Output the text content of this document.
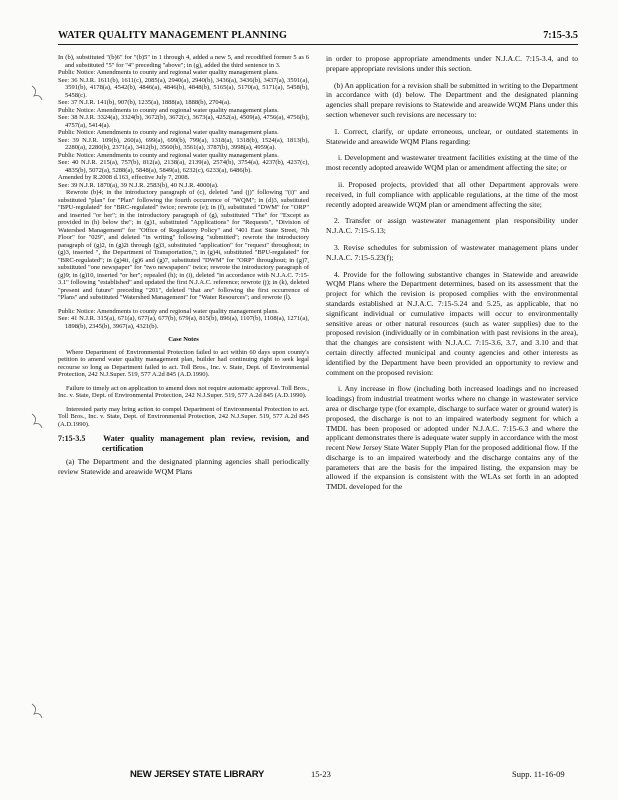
WATER QUALITY MANAGEMENT PLANNING	7:15-3.5

In (b), substituted "(b)6" for "(b)5" in 1 through 4, added a new 5, and recodified former 5 as 6 and substituted "5" for "4" preceding "above"; in (g), added the third sentence in 3.

Public Notice: Amendments to county and regional water quality management plans.

See: 36 N.J.R. 1611(b), 1611(c), 2085(a), 2940(a), 2940(b), 3436(a), 3436(b), 3437(a), 3591(a), 3591(b), 4178(a), 4542(b), 4846(a), 4846(b), 4848(b), 5165(a), 5170(a), 5171(a), 5458(b), 5458(c).

See: 37 N.J.R. 141(b), 907(b), 1235(a), 1888(a), 1888(b), 2704(a).

Public Notice: Amendments to county and regional water quality management plans.

See: 38 N.J.R. 3324(a), 3324(b), 3672(b), 3672(c), 3673(a), 4252(a), 4509(a), 4756(a), 4756(b), 4757(a), 5414(a).

Public Notice: Amendments to county and regional water quality management plans.

See: 39 N.J.R. 109(b), 260(a), 699(a), 699(b), 799(a), 1318(a), 1318(b), 1524(a), 1813(b), 2280(a), 2280(b), 2371(a), 3412(b), 3560(b), 3561(a), 3787(b), 3998(a), 4959(a).

Public Notice: Amendments to county and regional water quality management plans.

See: 40 N.J.R. 215(a), 757(b), 812(a), 2138(a), 2139(a), 2574(b), 3754(a), 4237(b), 4237(c), 4835(b), 5072(a), 5288(a), 5848(a), 5849(a), 6232(c), 6233(a), 6486(b).

Amended by R.2008 d.163, effective July 7, 2008.

See: 39 N.J.R. 1870(a), 39 N.J.R. 2583(b), 40 N.J.R. 4000(a).

Rewrote (b)4; in the introductory paragraph of (c), deleted "and (j)" following "(i)" and substituted "plan" for "Plan" following the fourth occurrence of "WQM"; in (d)3, substituted "BPU-regulated" for "BRC-regulated" twice; rewrote (e); in (f), substituted "DWM" for "ORP" and inserted "or her"; in the introductory paragraph of (g), substituted "The" for "Except as provided in (h) below the"; in (g)1, substituted "Applications" for "Requests", "Division of Watershed Management" for "Office of Regulatory Policy" and "401 East State Street, 7th Floor" for "029", and deleted "in writing" following "submitted"; rewrote the introductory paragraph of (g)2, in (g)2i through (g)3, substituted "application" for "request" throughout; in (g)3, inserted ", the Department of Transportation,"; in (g)4i, substituted "BPU-regulated" for "BRC-regulated"; in (g)4ii, (g)6 and (g)7, substituted "DWM" for "ORP" throughout; in (g)7, substituted "one newspaper" for "two newspapers" twice; rewrote the introductory paragraph of (g)9; in (g)10, inserted "or her"; repealed (h); in (i), deleted "in accordance with N.J.A.C. 7:15-3.1" following "established" and updated the first N.J.A.C. reference; rewrote (j); in (k), deleted "present and future" preceding "201", deleted "that are" following the first occurrence of "Plans" and substituted "Watershed Management" for "Water Resources"; and rewrote (l).

Public Notice: Amendments to county and regional water quality management plans.

See: 41 N.J.R. 315(a), 671(a), 677(a), 677(b), 679(a), 815(b), 896(a), 1107(b), 1108(a), 1271(a), 1898(b), 2345(b), 3967(a), 4321(b).

Case Notes

Where Department of Environmental Protection failed to act within 60 days upon county's petition to amend water quality management plan, builder had continuing right to seek legal recourse so long as Department failed to act. Toll Bros., Inc. v. State, Dept. of Environmental Protection, 242 N.J.Super. 519, 577 A.2d 845 (A.D.1990).

Failure to timely act on application to amend does not require automatic approval. Toll Bros., Inc. v. State, Dept. of Environmental Protection, 242 N.J.Super. 519, 577 A.2d 845 (A.D.1990).

Interested party may bring action to compel Department of Environmental Protection to act. Toll Bros., Inc. v. State, Dept. of Environmental Protection, 242 N.J.Super. 519, 577 A.2d 845 (A.D.1990).

7:15-3.5 Water quality management plan review, revision, and certification

(a) The Department and the designated planning agencies shall periodically review Statewide and areawide WQM Plans

in order to propose appropriate amendments under N.J.A.C. 7:15-3.4, and to prepare appropriate revisions under this section.

(b) An application for a revision shall be submitted in writing to the Department in accordance with (d) below. The Department and the designated planning agencies shall prepare revisions to Statewide and areawide WQM Plans under this section whenever such revisions are necessary to:

1. Correct, clarify, or update erroneous, unclear, or outdated statements in Statewide and areawide WQM Plans regarding:

i. Development and wastewater treatment facilities existing at the time of the most recently adopted areawide WQM plan or amendment affecting the site; or

ii. Proposed projects, provided that all other Department approvals were received, in full compliance with applicable regulations, at the time of the most recently adopted areawide WQM plan or amendment affecting the site;

2. Transfer or assign wastewater management plan responsibility under N.J.A.C. 7:15-5.13;

3. Revise schedules for submission of wastewater management plans under N.J.A.C. 7:15-5.23(f);

4. Provide for the following substantive changes in Statewide and areawide WQM Plans where the Department determines, based on its assessment that the project for which the revision is proposed complies with the environmental standards established at N.J.A.C. 7:15-5.24 and 5.25, as applicable, that no significant individual or cumulative impacts will occur to environmentally sensitive areas or other natural resources (such as water supplies) due to the proposed revision (individually or in combination with past revisions in the area), that the changes are consistent with N.J.A.C. 7:15-3.6, 3.7, and 3.10 and that certain directly affected municipal and county agencies and other interests as identified by the Department have been provided an opportunity to review and comment on the proposed revision:

i. Any increase in flow (including both increased loadings and no increased loadings) from industrial treatment works where no change in wastewater service area or discharge type (for example, discharge to surface water or ground water) is proposed, the discharge is not to an impaired waterbody segment for which a TMDL has been proposed or adopted under N.J.A.C. 7:15-6.3 and where the applicant demonstrates there is adequate water supply in accordance with the most recent New Jersey State Water Supply Plan for the proposed additional flow. If the discharge is to an impaired waterbody and the discharge contains any of the parameters that are the basis for the impaired listing, the expansion may be allowed if the expansion is consistent with the WLAs set forth in an adopted TMDL developed for the

NEW JERSEY STATE LIBRARY	15-23	Supp. 11-16-09
